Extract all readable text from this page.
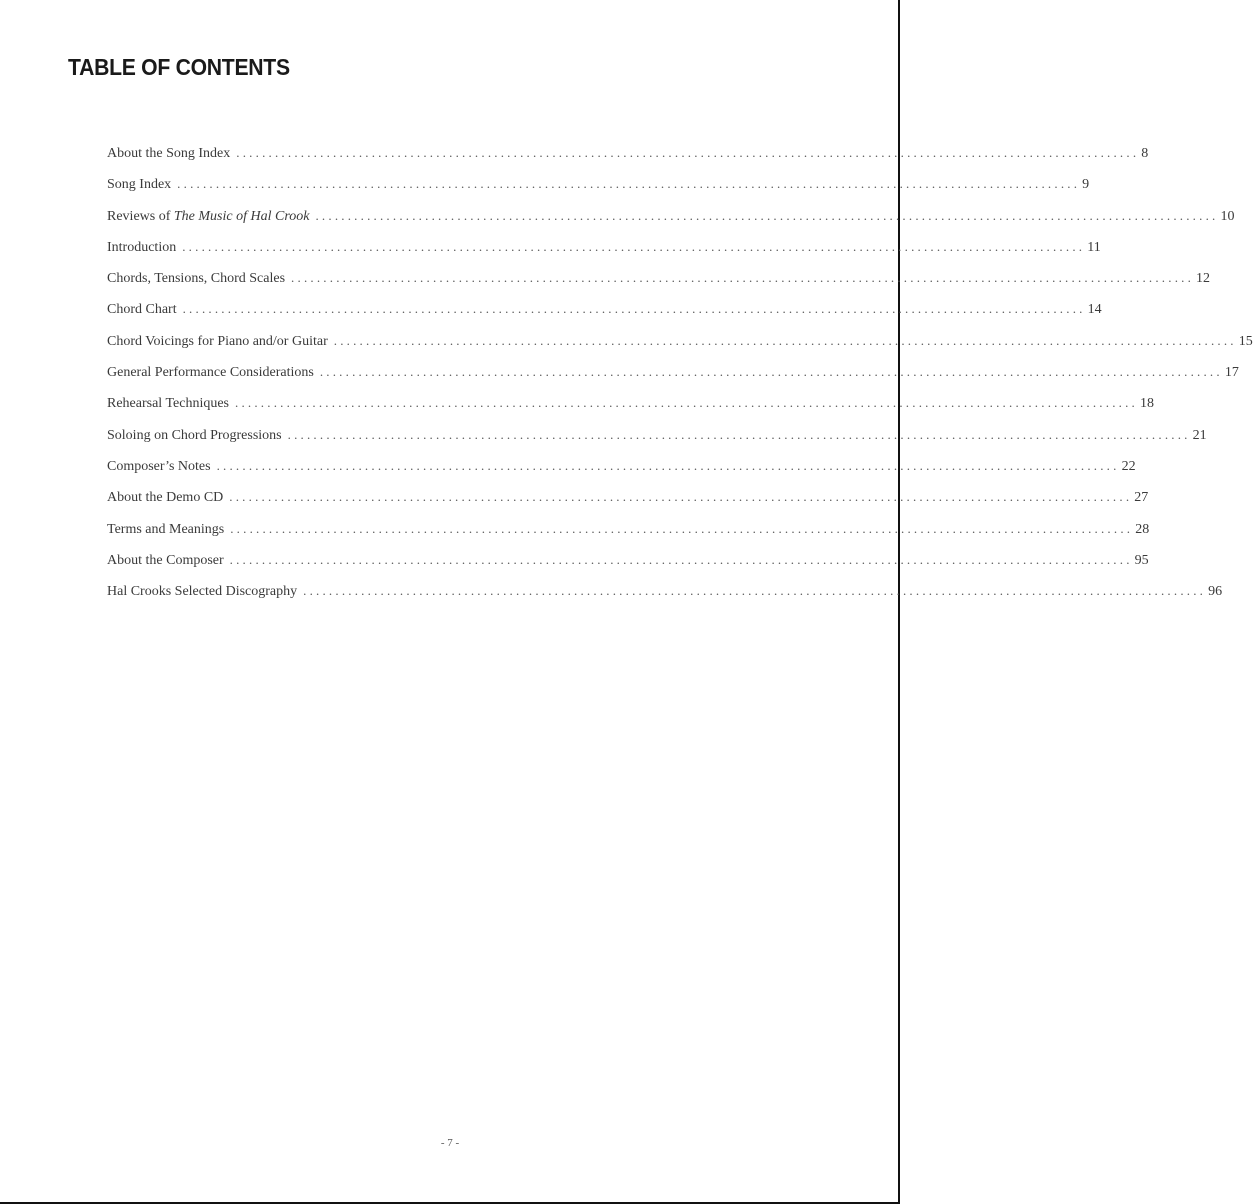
TABLE OF CONTENTS
About the Song Index ............................................................................................................................................ 8
Song Index ............................................................................................................................................ 9
Reviews of The Music of Hal Crook ............................................................................................................................................ 10
Introduction ............................................................................................................................................ 11
Chords, Tensions, Chord Scales ............................................................................................................................................ 12
Chord Chart ............................................................................................................................................ 14
Chord Voicings for Piano and/or Guitar ............................................................................................................................................ 15
General Performance Considerations ............................................................................................................................................ 17
Rehearsal Techniques ............................................................................................................................................ 18
Soloing on Chord Progressions ............................................................................................................................................ 21
Composer’s Notes ............................................................................................................................................ 22
About the Demo CD ............................................................................................................................................ 27
Terms and Meanings ............................................................................................................................................ 28
About the Composer ............................................................................................................................................ 95
Hal Crooks Selected Discography ............................................................................................................................................ 96
- 7 -
